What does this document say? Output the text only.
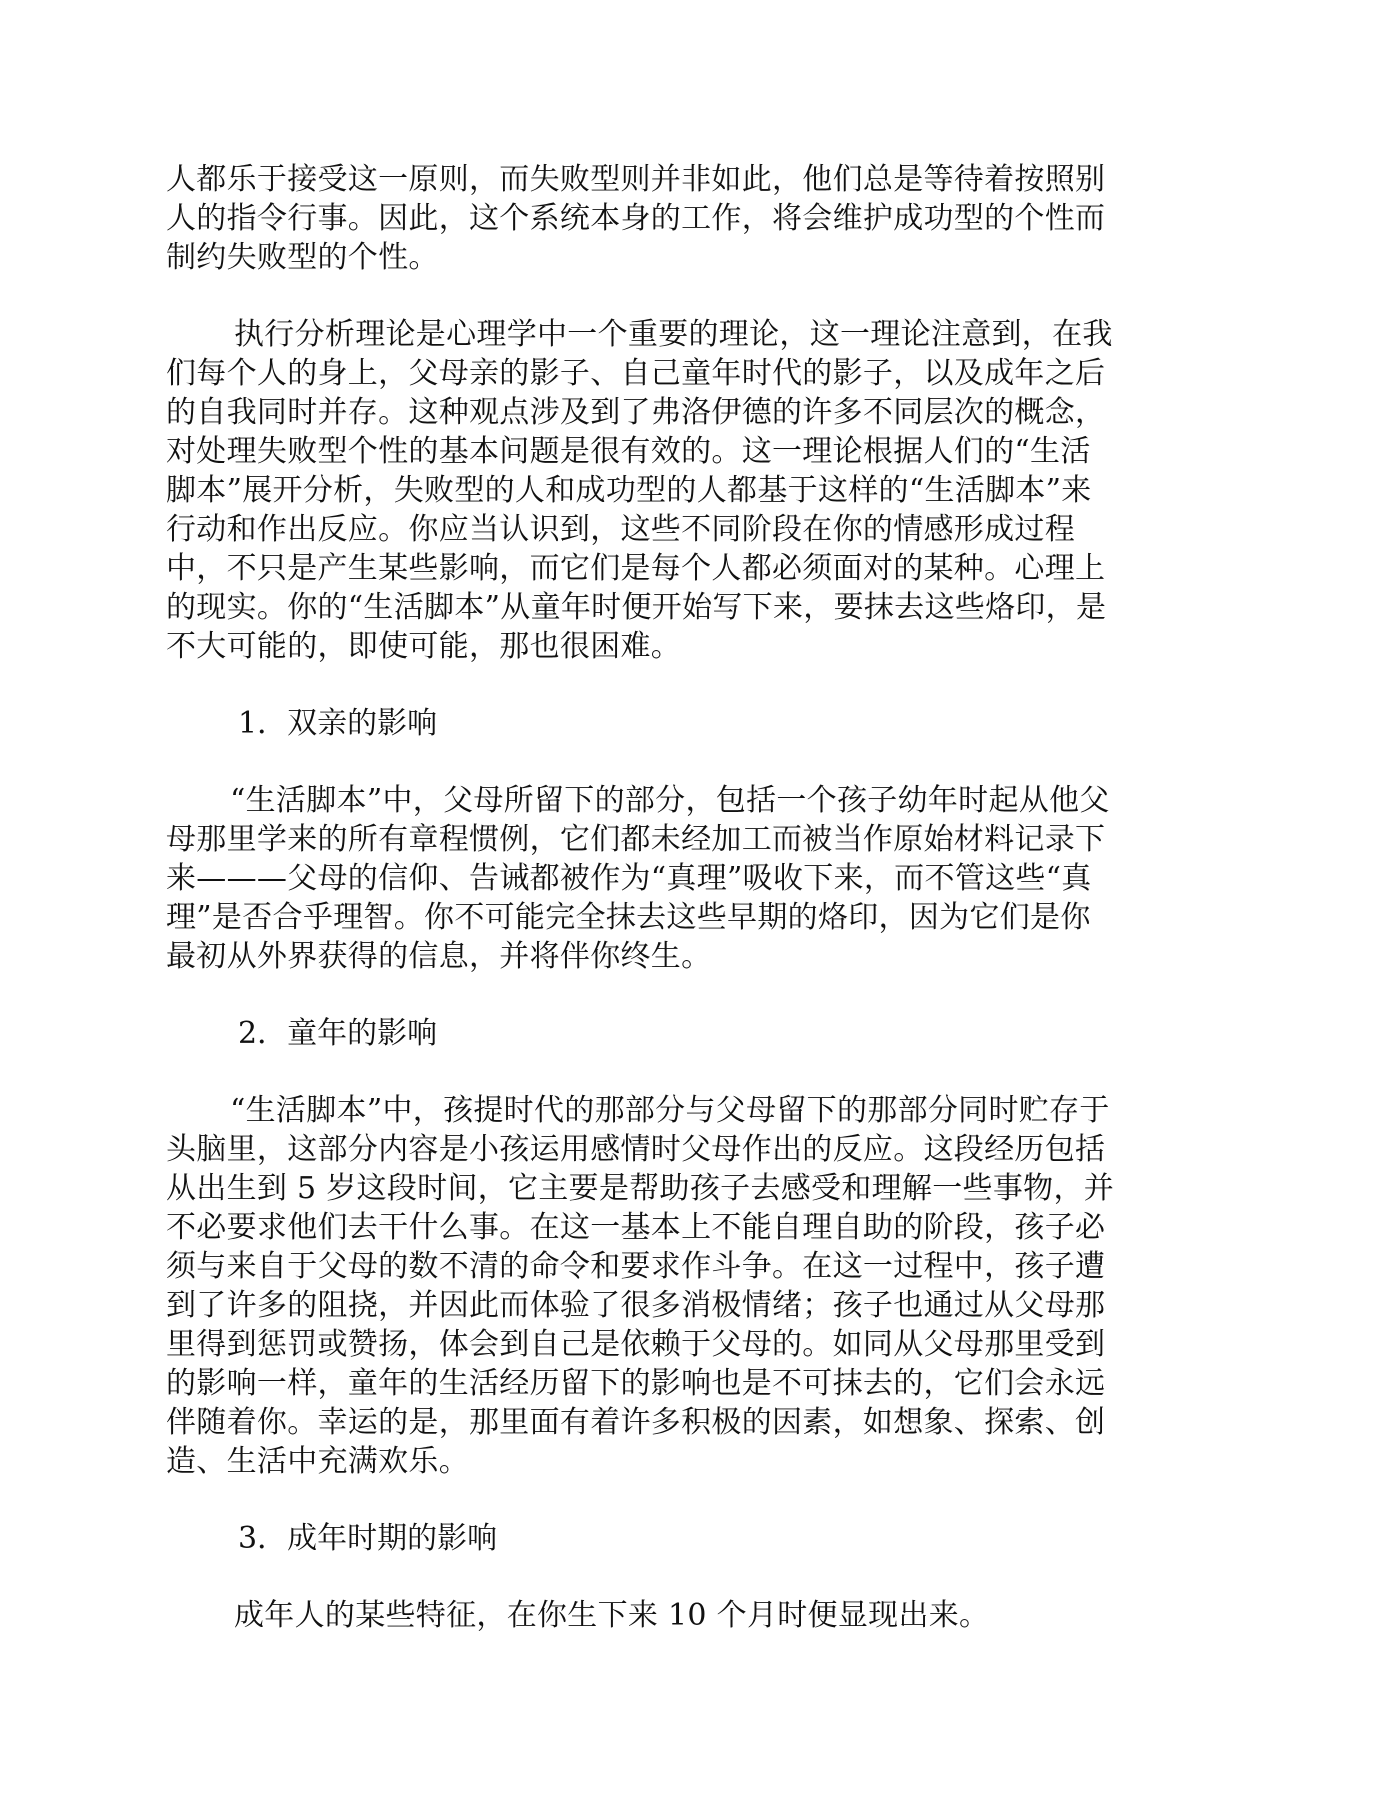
人都乐于接受这一原则，而失败型则并非如此，他们总是等待着按照别
人的指令行事。因此，这个系统本身的工作，将会维护成功型的个性而
制约失败型的个性。
执行分析理论是心理学中一个重要的理论，这一理论注意到，在我
们每个人的身上，父母亲的影子、自己童年时代的影子，以及成年之后
的自我同时并存。这种观点涉及到了弗洛伊德的许多不同层次的概念，
对处理失败型个性的基本问题是很有效的。这一理论根据人们的“生活
脚本”展开分析，失败型的人和成功型的人都基于这样的“生活脚本”来
行动和作出反应。你应当认识到，这些不同阶段在你的情感形成过程
中，不只是产生某些影响，而它们是每个人都必须面对的某种。心理上
的现实。你的“生活脚本”从童年时便开始写下来，要抹去这些烙印，是
不大可能的，即使可能，那也很困难。
1．双亲的影响
“生活脚本”中，父母所留下的部分，包括一个孩子幼年时起从他父
母那里学来的所有章程惯例，它们都未经加工而被当作原始材料记录下
来———父母的信仰、告诫都被作为“真理”吸收下来，而不管这些“真
理”是否合乎理智。你不可能完全抹去这些早期的烙印，因为它们是你
最初从外界获得的信息，并将伴你终生。
2．童年的影响
“生活脚本”中，孩提时代的那部分与父母留下的那部分同时贮存于
头脑里，这部分内容是小孩运用感情时父母作出的反应。这段经历包括
从出生到 5 岁这段时间，它主要是帮助孩子去感受和理解一些事物，并
不必要求他们去干什么事。在这一基本上不能自理自助的阶段，孩子必
须与来自于父母的数不清的命令和要求作斗争。在这一过程中，孩子遭
到了许多的阻挠，并因此而体验了很多消极情绪；孩子也通过从父母那
里得到惩罚或赞扬，体会到自己是依赖于父母的。如同从父母那里受到
的影响一样，童年的生活经历留下的影响也是不可抹去的，它们会永远
伴随着你。幸运的是，那里面有着许多积极的因素，如想象、探索、创
造、生活中充满欢乐。
3．成年时期的影响
成年人的某些特征，在你生下来 10 个月时便显现出来。
